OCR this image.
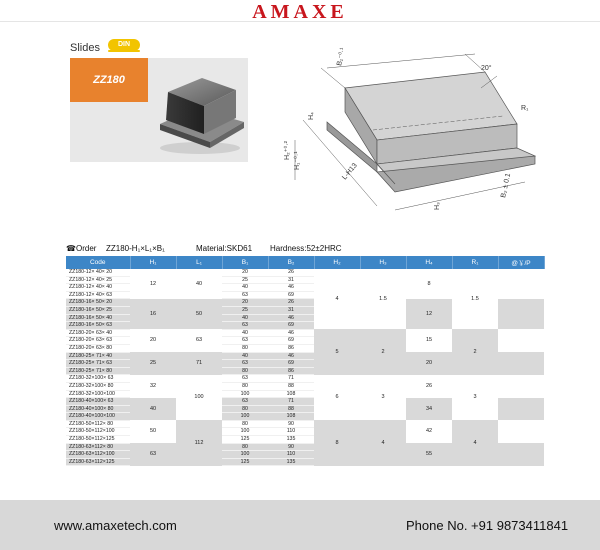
AMAXE
Slides	DIN
ZZ180
B₁⁻⁰·¹
20°
R₁
H₂⁺⁰·²
H₁⁻⁰·¹
H₄
H₃
L-H13
B₂ ± 0.1
☎ Order ZZ180-H₁×L₁×B₁	Material:SKD61 Hardness:52±2HRC
Code	H₁	L₁	B₁	B₂	H₂	H₃	H₄	R₁	@￥/P
ZZ180-12× 40× 20	12	40	20	26	4	1.5	8	1.5	
ZZ180-12× 40× 25			25	31					
ZZ180-12× 40× 40			40	46					
ZZ180-12× 40× 63			63	69					
ZZ180-16× 50× 20	16	50	20	26			12		
ZZ180-16× 50× 25			25	31					
ZZ180-16× 50× 40			40	46					
ZZ180-16× 50× 63			63	69					
ZZ180-20× 63× 40	20	63	40	46	5	2	15	2	
ZZ180-20× 63× 63			63	69					
ZZ180-20× 63× 80			80	86					
ZZ180-25× 71× 40	25	71	40	46			20		
ZZ180-25× 71× 63			63	69					
ZZ180-25× 71× 80			80	86					
ZZ180-32×100× 63	32	100	63	71	6	3	26	3	
ZZ180-32×100× 80			80	88					
ZZ180-32×100×100			100	108					
ZZ180-40×100× 63	40		63	71			34		
ZZ180-40×100× 80			80	88					
ZZ180-40×100×100			100	108					
ZZ180-50×112× 80	50	112	80	90	8	4	42	4	
ZZ180-50×112×100			100	110					
ZZ180-50×112×125			125	135					
ZZ180-63×112× 80	63		80	90			55		
ZZ180-63×112×100			100	110					
ZZ180-63×112×125			125	135					
www.amaxetech.com	Phone No. +91 9873411841
